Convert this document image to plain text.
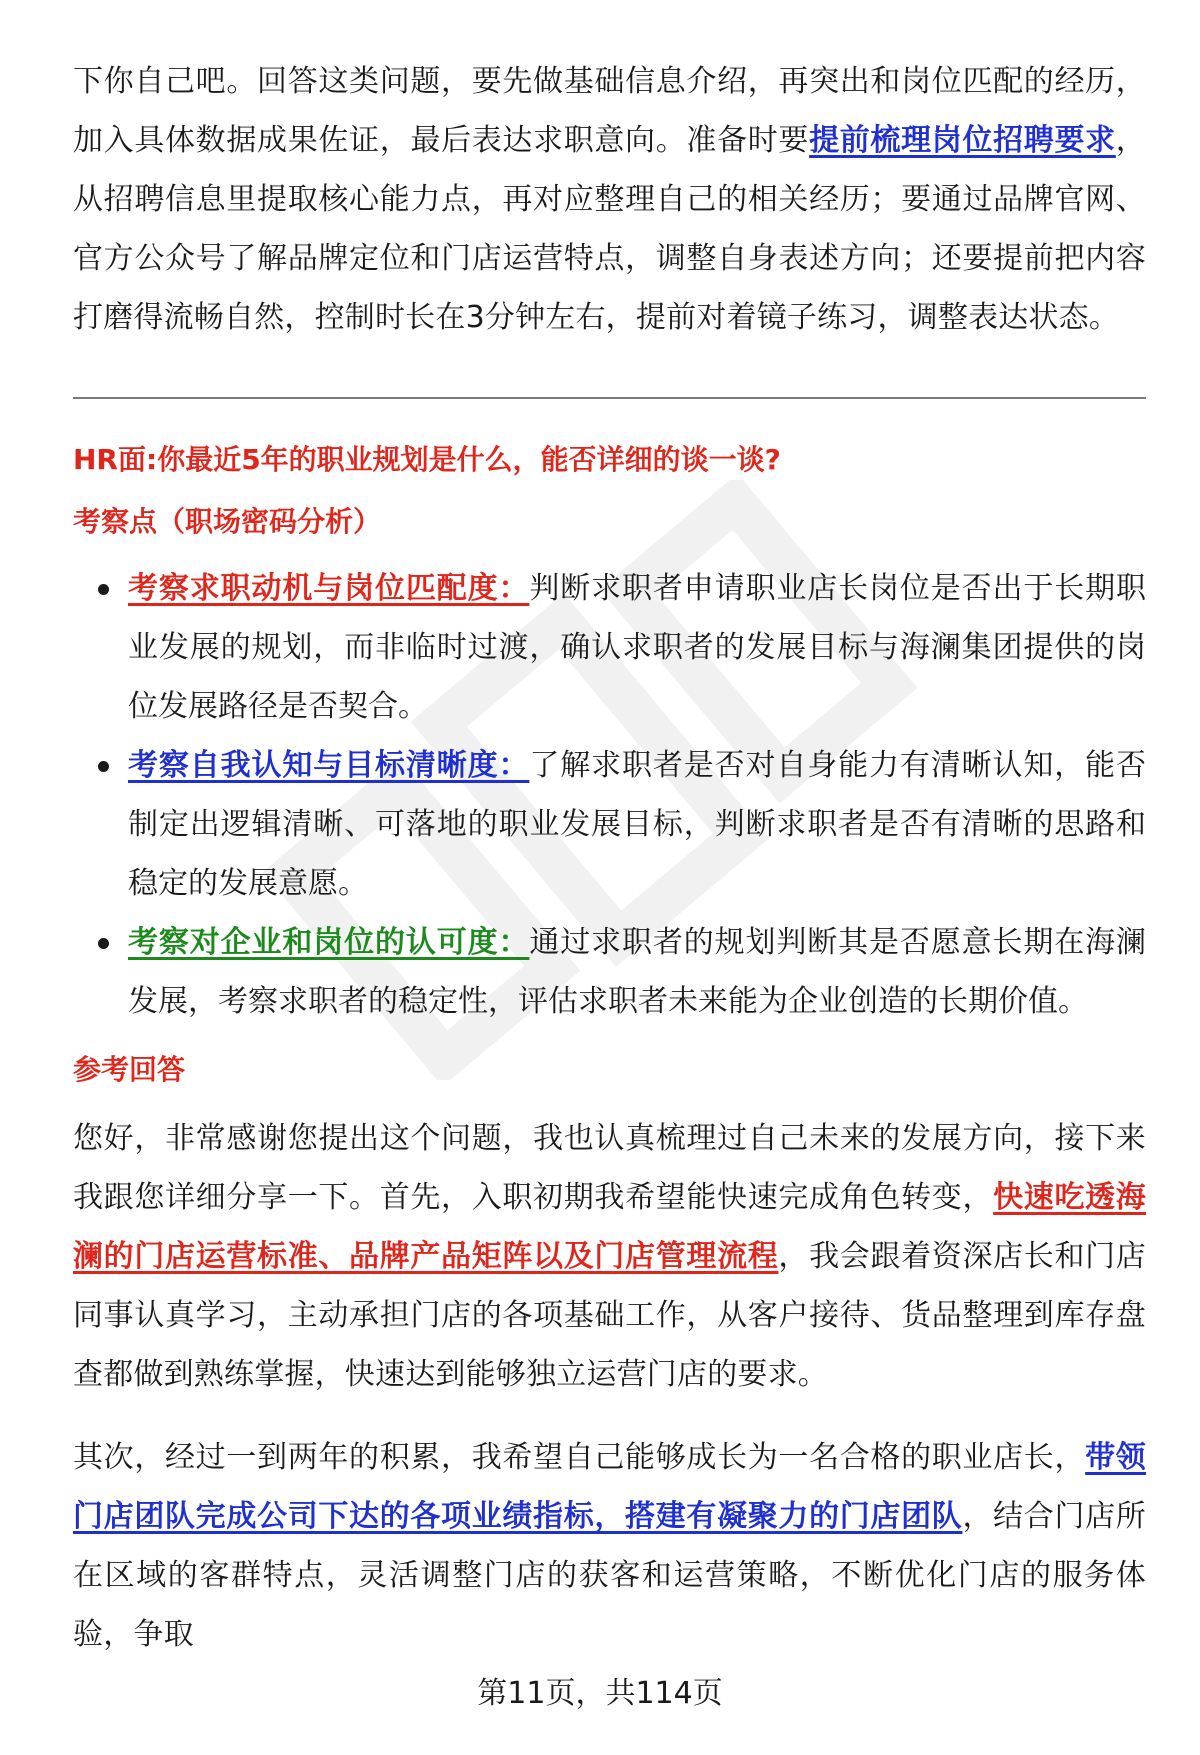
下你自己吧。回答这类问题，要先做基础信息介绍，再突出和岗位匹配的经历，加入具体数据成果佐证，最后表达求职意向。准备时要提前梳理岗位招聘要求，从招聘信息里提取核心能力点，再对应整理自己的相关经历；要通过品牌官网、官方公众号了解品牌定位和门店运营特点，调整自身表述方向；还要提前把内容打磨得流畅自然，控制时长在3分钟左右，提前对着镜子练习，调整表达状态。

HR面:你最近5年的职业规划是什么，能否详细的谈一谈?
考察点（职场密码分析）
考察求职动机与岗位匹配度：判断求职者申请职业店长岗位是否出于长期职业发展的规划，而非临时过渡，确认求职者的发展目标与海澜集团提供的岗位发展路径是否契合。
考察自我认知与目标清晰度：了解求职者是否对自身能力有清晰认知，能否制定出逻辑清晰、可落地的职业发展目标，判断求职者是否有清晰的思路和稳定的发展意愿。
考察对企业和岗位的认可度：通过求职者的规划判断其是否愿意长期在海澜发展，考察求职者的稳定性，评估求职者未来能为企业创造的长期价值。
参考回答

您好，非常感谢您提出这个问题，我也认真梳理过自己未来的发展方向，接下来我跟您详细分享一下。首先，入职初期我希望能快速完成角色转变，快速吃透海澜的门店运营标准、品牌产品矩阵以及门店管理流程，我会跟着资深店长和门店同事认真学习，主动承担门店的各项基础工作，从客户接待、货品整理到库存盘查都做到熟练掌握，快速达到能够独立运营门店的要求。

其次，经过一到两年的积累，我希望自己能够成长为一名合格的职业店长，带领门店团队完成公司下达的各项业绩指标，搭建有凝聚力的门店团队，结合门店所在区域的客群特点，灵活调整门店的获客和运营策略，不断优化门店的服务体验，争取

第11页，共114页
